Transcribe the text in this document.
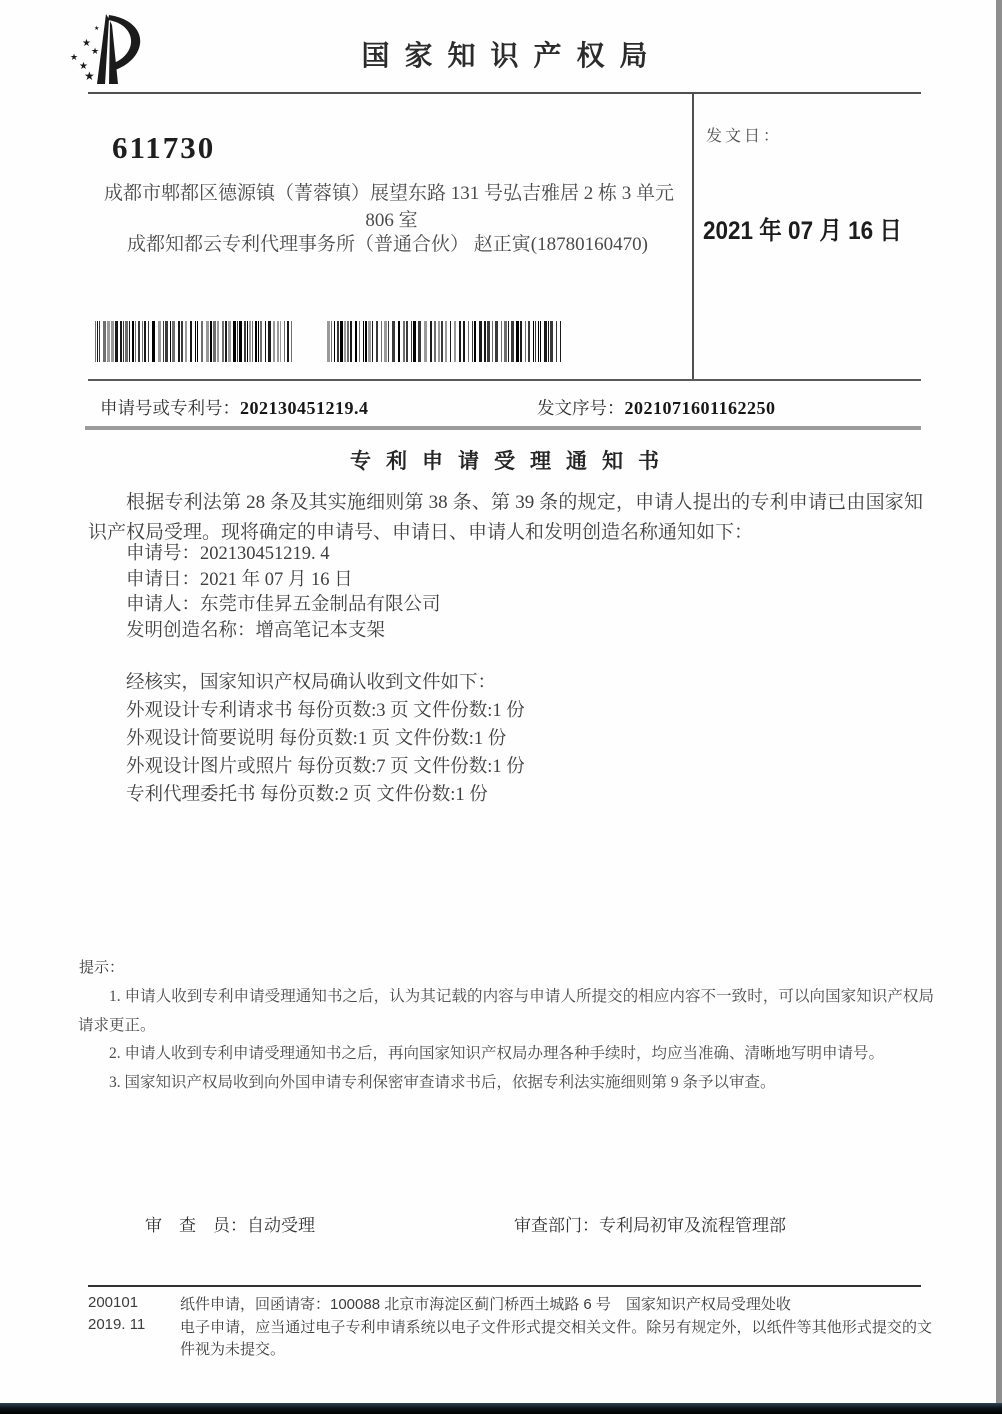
★
★
★
★
★
★
国家知识产权局
611730
成都市郫都区德源镇（菁蓉镇）展望东路 131 号弘吉雅居 2 栋 3 单元
806 室
成都知都云专利代理事务所（普通合伙） 赵正寅(18780160470)
发文日：
2021 年 07 月 16 日
申请号或专利号：202130451219.4	发文序号：2021071601162250
专利申请受理通知书
根据专利法第 28 条及其实施细则第 38 条、第 39 条的规定，申请人提出的专利申请已由国家知识产权局受理。现将确定的申请号、申请日、申请人和发明创造名称通知如下：
申请号：202130451219. 4
申请日：2021 年 07 月 16 日
申请人：东莞市佳昇五金制品有限公司
发明创造名称：增高笔记本支架
经核实，国家知识产权局确认收到文件如下：
外观设计专利请求书 每份页数:3 页 文件份数:1 份
外观设计简要说明 每份页数:1 页 文件份数:1 份
外观设计图片或照片 每份页数:7 页 文件份数:1 份
专利代理委托书 每份页数:2 页 文件份数:1 份
提示：

1. 申请人收到专利申请受理通知书之后，认为其记载的内容与申请人所提交的相应内容不一致时，可以向国家知识产权局请求更正。

2. 申请人收到专利申请受理通知书之后，再向国家知识产权局办理各种手续时，均应当准确、清晰地写明申请号。

3. 国家知识产权局收到向外国申请专利保密审查请求书后，依据专利法实施细则第 9 条予以审查。

审　查　员：自动受理	审查部门：专利局初审及流程管理部
200101
2019. 11

纸件申请，回函请寄：100088 北京市海淀区蓟门桥西土城路 6 号　国家知识产权局受理处收

电子申请，应当通过电子专利申请系统以电子文件形式提交相关文件。除另有规定外，以纸件等其他形式提交的文件视为未提交。
